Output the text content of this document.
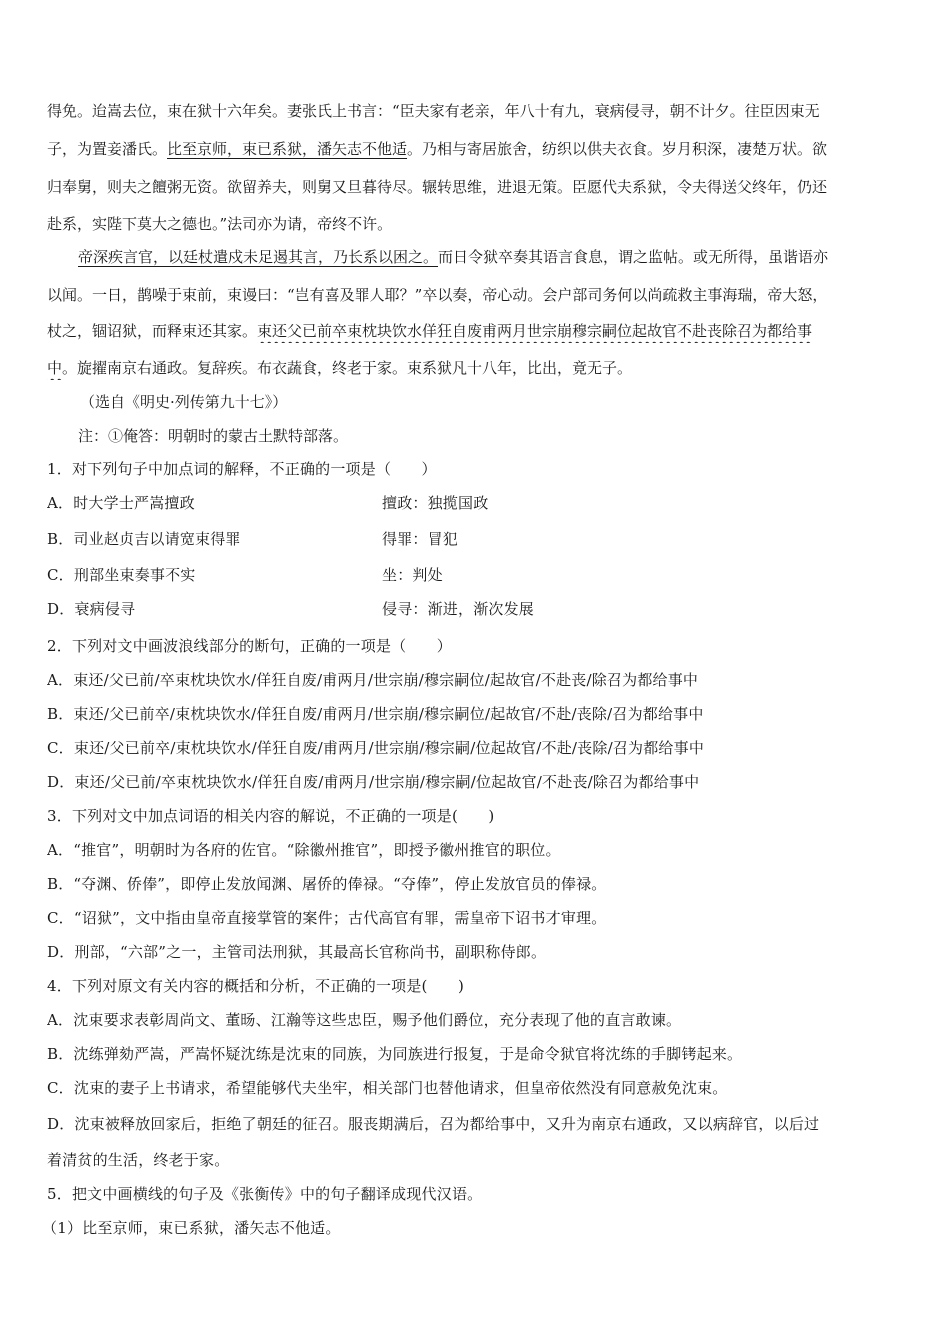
得免。迨嵩去位，束在狱十六年矣。妻张氏上书言：“臣夫家有老亲，年八十有九，衰病侵寻，朝不计夕。往臣因束无
子，为置妾潘氏。比至京师，束已系狱，潘矢志不他适。乃相与寄居旅舍，纺织以供夫衣食。岁月积深，凄楚万状。欲
归奉舅，则夫之饘粥无资。欲留养夫，则舅又旦暮待尽。辗转思维，进退无策。臣愿代夫系狱，令夫得送父终年，仍还
赴系，实陛下莫大之德也。”法司亦为请，帝终不许。
帝深疾言官，以廷杖遣戍未足遏其言，乃长系以困之。而日令狱卒奏其语言食息，谓之监帖。或无所得，虽谐语亦
以闻。一日，鹊噪于束前，束谩曰：“岂有喜及罪人耶？”卒以奏，帝心动。会户部司务何以尚疏救主事海瑞，帝大怒，
杖之，锢诏狱，而释束还其家。束还父已前卒束枕块饮水佯狂自废甫两月世宗崩穆宗嗣位起故官不赴丧除召为都给事
中。旋擢南京右通政。复辞疾。布衣蔬食，终老于家。束系狱凡十八年，比出，竟无子。
（选自《明史·列传第九十七》）
注：①俺答：明朝时的蒙古土默特部落。
1．对下列句子中加点词的解释，不正确的一项是（　　）
A．时大学士严嵩擅政	擅政：独揽国政
B．司业赵贞吉以请宽束得罪	得罪：冒犯
C．刑部坐束奏事不实	坐：判处
D．衰病侵寻	侵寻：渐进，渐次发展
2．下列对文中画波浪线部分的断句，正确的一项是（　　）
A．束还/父已前/卒束枕块饮水/佯狂自废/甫两月/世宗崩/穆宗嗣位/起故官/不赴丧/除召为都给事中
B．束还/父已前卒/束枕块饮水/佯狂自废/甫两月/世宗崩/穆宗嗣位/起故官/不赴/丧除/召为都给事中
C．束还/父已前卒/束枕块饮水/佯狂自废/甫两月/世宗崩/穆宗嗣/位起故官/不赴/丧除/召为都给事中
D．束还/父已前/卒束枕块饮水/佯狂自废/甫两月/世宗崩/穆宗嗣/位起故官/不赴丧/除召为都给事中
3．下列对文中加点词语的相关内容的解说，不正确的一项是(　　)
A．“推官”，明朝时为各府的佐官。“除徽州推官”，即授予徽州推官的职位。
B．“夺渊、侨俸”，即停止发放闻渊、屠侨的俸禄。“夺俸”，停止发放官员的俸禄。
C．“诏狱”，文中指由皇帝直接掌管的案件；古代高官有罪，需皇帝下诏书才审理。
D．刑部，“六部”之一，主管司法刑狱，其最高长官称尚书，副职称侍郎。
4．下列对原文有关内容的概括和分析，不正确的一项是(　　)
A．沈束要求表彰周尚文、董旸、江瀚等这些忠臣，赐予他们爵位，充分表现了他的直言敢谏。
B．沈练弹劾严嵩，严嵩怀疑沈练是沈束的同族，为同族进行报复，于是命令狱官将沈练的手脚铐起来。
C．沈束的妻子上书请求，希望能够代夫坐牢，相关部门也替他请求，但皇帝依然没有同意赦免沈束。
D．沈束被释放回家后，拒绝了朝廷的征召。服丧期满后，召为都给事中，又升为南京右通政，又以病辞官，以后过
着清贫的生活，终老于家。
5．把文中画横线的句子及《张衡传》中的句子翻译成现代汉语。
（1）比至京师，束已系狱，潘矢志不他适。
